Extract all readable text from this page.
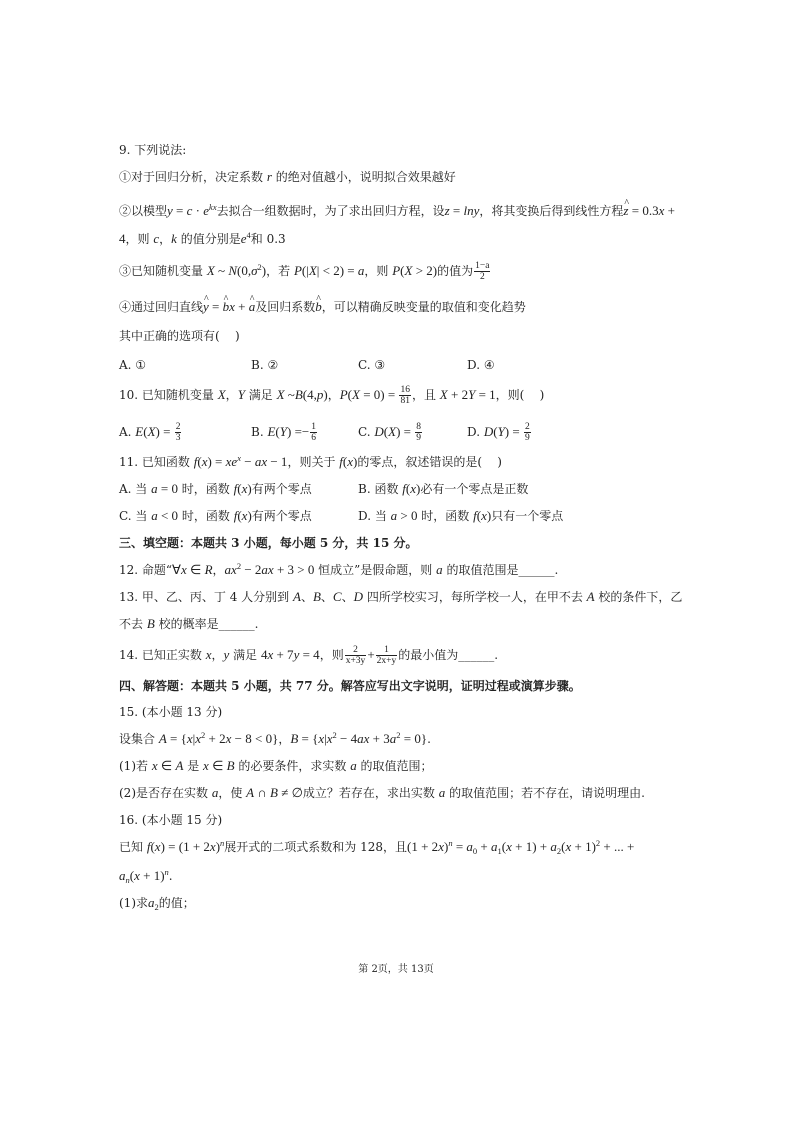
9. 下列说法:
①对于回归分析，决定系数 r 的绝对值越小，说明拟合效果越好
②以模型$y = c \cdot e^{kx}$去拟合一组数据时，为了求出回归方程，设z = lny，将其变换后得到线性方程^ z = 0.3x +
4，则 c，k 的值分别是$e^4$和 0.3
③已知随机变量 X ~ $N(0,\sigma^2)$，若 P(|X| < 2) = a，则 P(X > 2)的值为 $\frac{1-a}{2}$
④通过回归直线^ y = ^ bx + ^ a及回归系数^ b，可以精确反映变量的取值和变化趋势
其中正确的选项有(    )
A. ①	B. ②	C. ③	D. ④
10. 已知随机变量 X，Y 满足 X ~B(4,p)，$P(X = 0) = \frac{16}{81}$ ，且 X + 2Y = 1，则(    )
A. $E(X) = \frac{2}{3}$	B. $E(Y) =- \frac{1}{6}$	C. $D(X) = \frac{8}{9}$	D. $D(Y) = \frac{2}{9}$
11. 已知函数 $f(x) = xe^x$ − ax − 1，则关于 f(x)的零点，叙述错误的是(    )
A. 当 a = 0 时，函数 f(x)有两个零点	B. 函数 f(x)必有一个零点是正数
C. 当 a < 0 时，函数 f(x)有两个零点	D. 当 a > 0 时，函数 f(x)只有一个零点
三、填空题：本题共 3 小题，每小题 5 分，共 15 分。
12. 命题“∀x ∈ R，$ax^2 - 2ax + 3 > 0$ 恒成立”是假命题，则 a 的取值范围是______.
13. 甲、乙、丙、丁 4 人分别到 A、B、C、D 四所学校实习，每所学校一人，在甲不去 A 校的条件下，乙
不去 B 校的概率是______.
14. 已知正实数 x，y 满足 4x + 7y = 4，则 $\frac{2}{x+3y} + \frac{1}{2x+y}$ 的最小值为______.
四、解答题：本题共 5 小题，共 77 分。解答应写出文字说明，证明过程或演算步骤。
15. (本小题 13 分)
设集合 $A = \{x|x^2 + 2x - 8 < 0\}$，$B = \{x|x^2 - 4ax + 3a^2 = 0\}$.
(1)若 x ∈ A 是 x ∈ B 的必要条件，求实数 a 的取值范围；
(2)是否存在实数 a，使 A ∩ B ≠ ∅成立？若存在，求出实数 a 的取值范围；若不存在，请说明理由.
16. (本小题 15 分)
已知 $f(x) = (1 + 2x)^n$展开式的二项式系数和为 128，且$(1 + 2x)^n = a_0 + a_1(x + 1) + a_2(x + 1)^2$ + ... +
$a_n(x + 1)^n$.
(1)求$a_2$的值；
第 2页，共 13页
